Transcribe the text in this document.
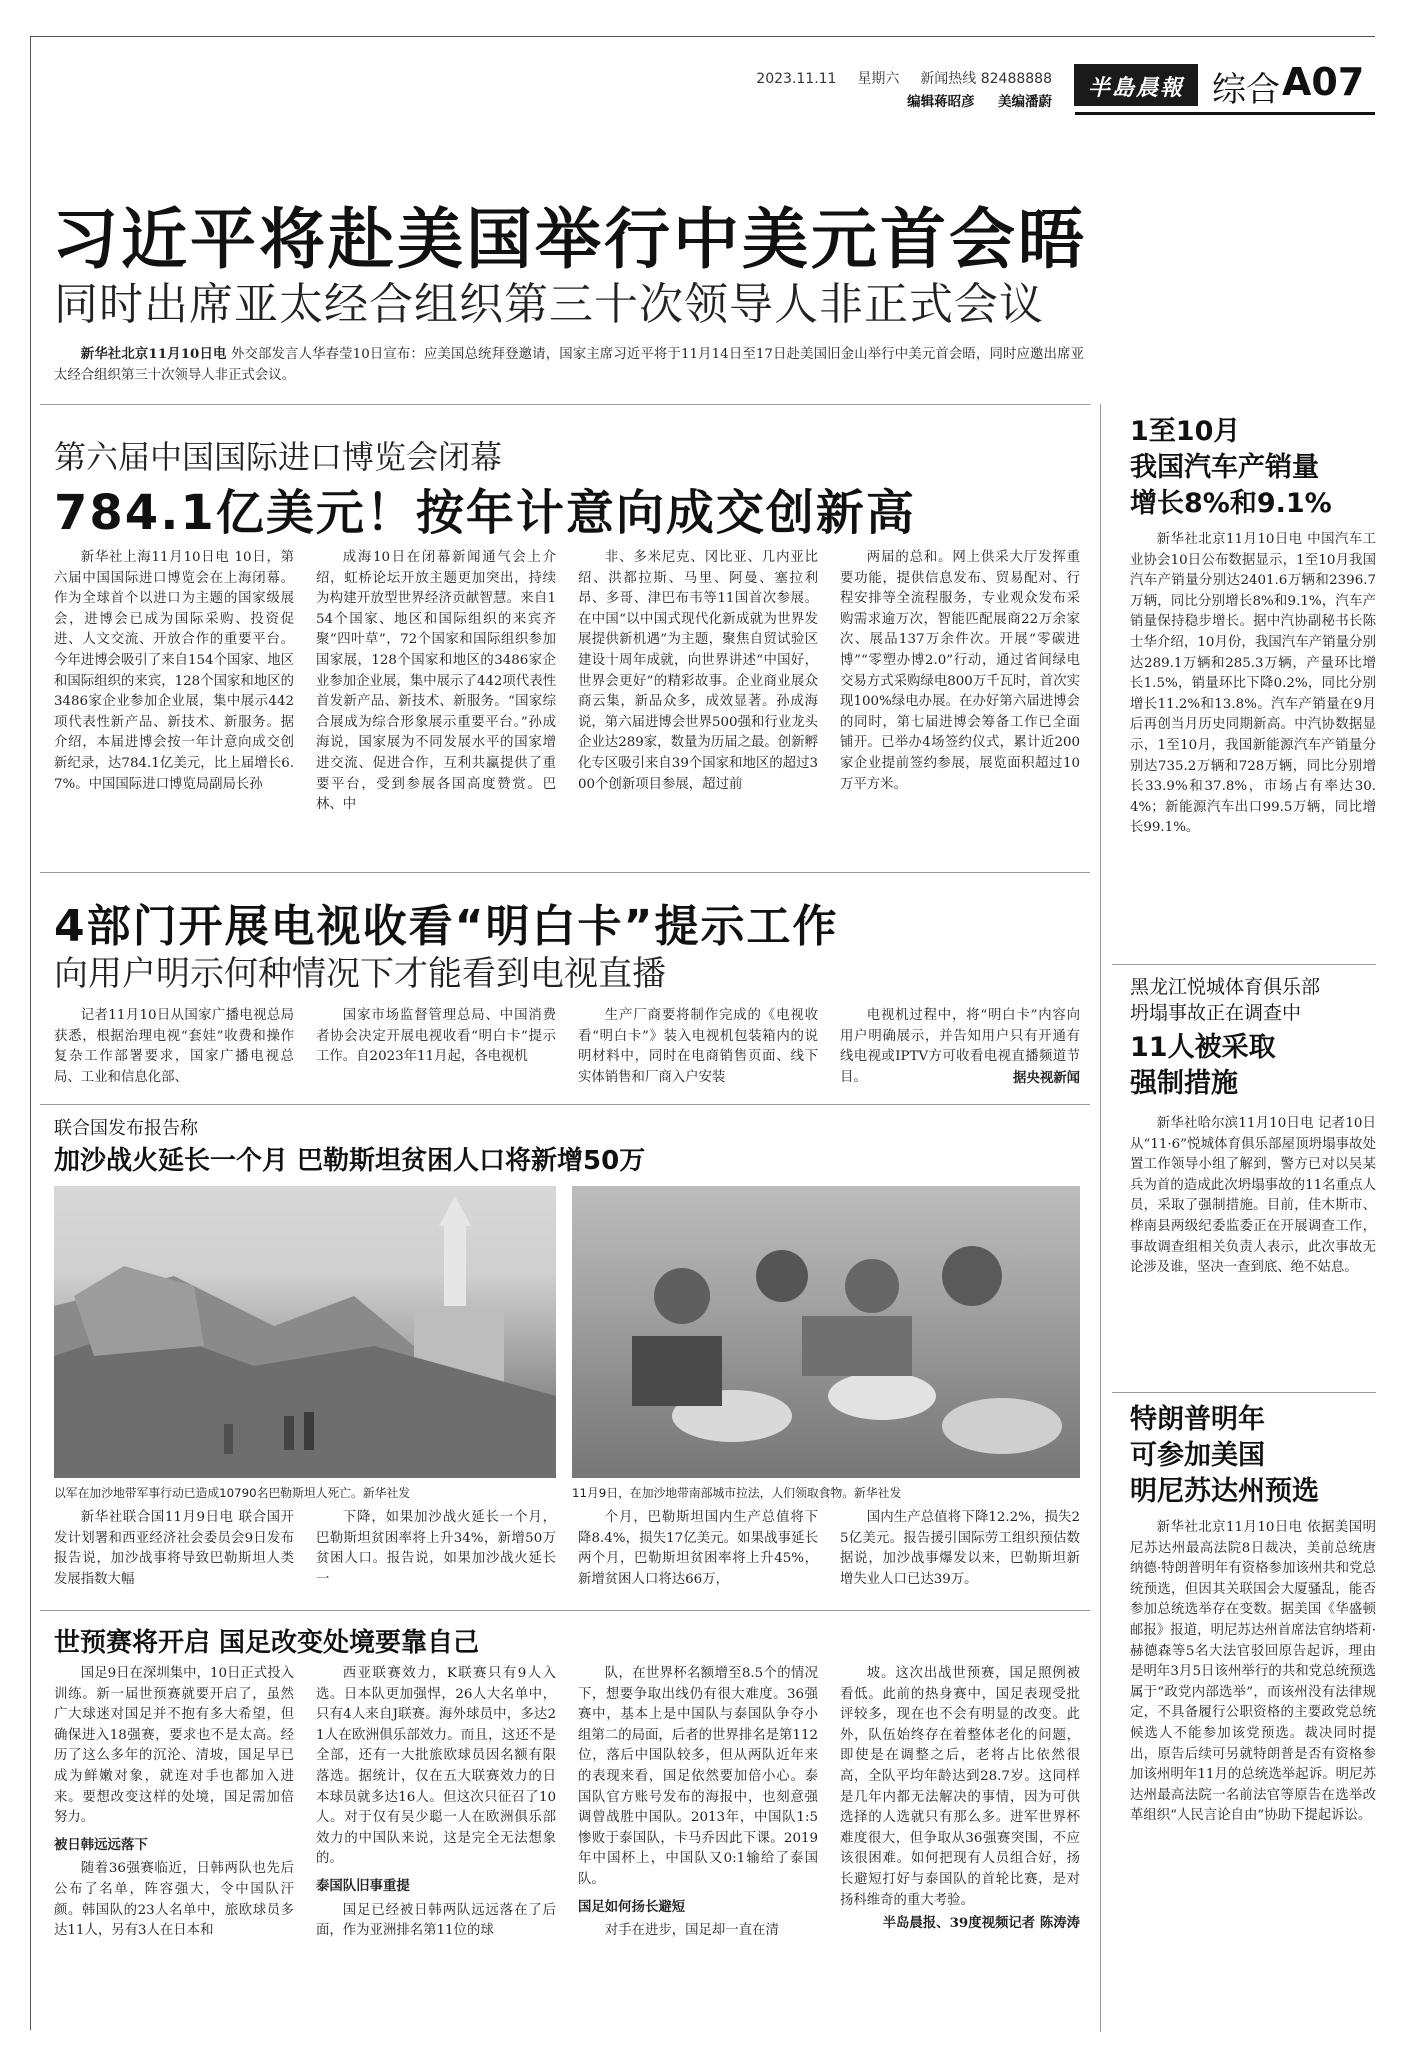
2023.11.11 星期六 新闻热线 82488888
编辑蒋昭彦 美编潘蔚
半島晨報 综合 A07
习近平将赴美国举行中美元首会晤
同时出席亚太经合组织第三十次领导人非正式会议

新华社北京11月10日电 外交部发言人华春莹10日宣布：应美国总统拜登邀请，国家主席习近平将于11月14日至17日赴美国旧金山举行中美元首会晤，同时应邀出席亚太经合组织第三十次领导人非正式会议。

第六届中国国际进口博览会闭幕
784.1亿美元！按年计意向成交创新高

新华社上海11月10日电 10日，第六届中国国际进口博览会在上海闭幕。作为全球首个以进口为主题的国家级展会，进博会已成为国际采购、投资促进、人文交流、开放合作的重要平台。今年进博会吸引了来自154个国家、地区和国际组织的来宾，128个国家和地区的3486家企业参加企业展，集中展示442项代表性新产品、新技术、新服务。据介绍，本届进博会按一年计意向成交创新纪录，达784.1亿美元，比上届增长6.7%。中国国际进口博览局副局长孙

成海10日在闭幕新闻通气会上介绍，虹桥论坛开放主题更加突出，持续为构建开放型世界经济贡献智慧。来自154个国家、地区和国际组织的来宾齐聚“四叶草”，72个国家和国际组织参加国家展，128个国家和地区的3486家企业参加企业展，集中展示了442项代表性首发新产品、新技术、新服务。“国家综合展成为综合形象展示重要平台。”孙成海说，国家展为不同发展水平的国家增进交流、促进合作，互利共赢提供了重要平台，受到参展各国高度赞赏。巴林、中

非、多米尼克、冈比亚、几内亚比绍、洪都拉斯、马里、阿曼、塞拉利昂、多哥、津巴布韦等11国首次参展。在中国“以中国式现代化新成就为世界发展提供新机遇”为主题，聚焦自贸试验区建设十周年成就，向世界讲述“中国好，世界会更好”的精彩故事。企业商业展众商云集，新品众多，成效显著。孙成海说，第六届进博会世界500强和行业龙头企业达289家，数量为历届之最。创新孵化专区吸引来自39个国家和地区的超过300个创新项目参展，超过前

两届的总和。网上供采大厅发挥重要功能，提供信息发布、贸易配对、行程安排等全流程服务，专业观众发布采购需求逾万次，智能匹配展商22万余家次、展品137万余件次。开展“零碳进博”“零塑办博2.0”行动，通过省间绿电交易方式采购绿电800万千瓦时，首次实现100%绿电办展。在办好第六届进博会的同时，第七届进博会筹备工作已全面铺开。已举办4场签约仪式，累计近200家企业提前签约参展，展览面积超过10万平方米。

4部门开展电视收看“明白卡”提示工作
向用户明示何种情况下才能看到电视直播

记者11月10日从国家广播电视总局获悉，根据治理电视“套娃”收费和操作复杂工作部署要求，国家广播电视总局、工业和信息化部、

国家市场监督管理总局、中国消费者协会决定开展电视收看“明白卡”提示工作。自2023年11月起，各电视机

生产厂商要将制作完成的《电视收看“明白卡”》装入电视机包装箱内的说明材料中，同时在电商销售页面、线下实体销售和厂商入户安装

电视机过程中，将“明白卡”内容向用户明确展示，并告知用户只有开通有线电视或IPTV方可收看电视直播频道节目。	据央视新闻

联合国发布报告称
加沙战火延长一个月 巴勒斯坦贫困人口将新增50万
以军在加沙地带军事行动已造成10790名巴勒斯坦人死亡。新华社发	11月9日，在加沙地带南部城市拉法，人们领取食物。新华社发

新华社联合国11月9日电 联合国开发计划署和西亚经济社会委员会9日发布报告说，加沙战事将导致巴勒斯坦人类发展指数大幅

下降，如果加沙战火延长一个月，巴勒斯坦贫困率将上升34%，新增50万贫困人口。报告说，如果加沙战火延长一

个月，巴勒斯坦国内生产总值将下降8.4%，损失17亿美元。如果战事延长两个月，巴勒斯坦贫困率将上升45%，新增贫困人口将达66万，

国内生产总值将下降12.2%，损失25亿美元。报告援引国际劳工组织预估数据说，加沙战事爆发以来，巴勒斯坦新增失业人口已达39万。

世预赛将开启 国足改变处境要靠自己

国足9日在深圳集中，10日正式投入训练。新一届世预赛就要开启了，虽然广大球迷对国足并不抱有多大希望，但确保进入18强赛，要求也不是太高。经历了这么多年的沉沦、清坡，国足早已成为鲜嫩对象，就连对手也都加入进来。要想改变这样的处境，国足需加倍努力。

被日韩远远落下

随着36强赛临近，日韩两队也先后公布了名单，阵容强大，令中国队汗颜。韩国队的23人名单中，旅欧球员多达11人，另有3人在日本和

西亚联赛效力，K联赛只有9人入选。日本队更加强悍，26人大名单中，只有4人来自J联赛。海外球员中，多达21人在欧洲俱乐部效力。而且，这还不是全部，还有一大批旅欧球员因名额有限落选。据统计，仅在五大联赛效力的日本球员就多达16人。但这次只征召了10人。对于仅有吴少聪一人在欧洲俱乐部效力的中国队来说，这是完全无法想象的。

泰国队旧事重提

国足已经被日韩两队远远落在了后面，作为亚洲排名第11位的球

队，在世界杯名额增至8.5个的情况下，想要争取出线仍有很大难度。36强赛中，基本上是中国队与泰国队争夺小组第二的局面，后者的世界排名是第112位，落后中国队较多，但从两队近年来的表现来看，国足依然要加倍小心。泰国队官方账号发布的海报中，也刻意强调曾战胜中国队。2013年，中国队1:5惨败于泰国队，卡马乔因此下课。2019年中国杯上，中国队又0:1输给了泰国队。

国足如何扬长避短

对手在进步，国足却一直在清

坡。这次出战世预赛，国足照例被看低。此前的热身赛中，国足表现受批评较多，现在也不会有明显的改变。此外，队伍始终存在着整体老化的问题，即使是在调整之后，老将占比依然很高，全队平均年龄达到28.7岁。这同样是几年内都无法解决的事情，因为可供选择的人选就只有那么多。进军世界杯难度很大，但争取从36强赛突围，不应该很困难。如何把现有人员组合好，扬长避短打好与泰国队的首轮比赛，是对扬科维奇的重大考验。

半岛晨报、39度视频记者 陈涛涛
1至10月
我国汽车产销量
增长8%和9.1%

新华社北京11月10日电 中国汽车工业协会10日公布数据显示，1至10月我国汽车产销量分别达2401.6万辆和2396.7万辆，同比分别增长8%和9.1%，汽车产销量保持稳步增长。据中汽协副秘书长陈士华介绍，10月份，我国汽车产销量分别达289.1万辆和285.3万辆，产量环比增长1.5%，销量环比下降0.2%，同比分别增长11.2%和13.8%。汽车产销量在9月后再创当月历史同期新高。中汽协数据显示，1至10月，我国新能源汽车产销量分别达735.2万辆和728万辆，同比分别增长33.9%和37.8%，市场占有率达30.4%；新能源汽车出口99.5万辆，同比增长99.1%。

黑龙江悦城体育俱乐部
坍塌事故正在调查中
11人被采取
强制措施

新华社哈尔滨11月10日电 记者10日从“11·6”悦城体育俱乐部屋顶坍塌事故处置工作领导小组了解到，警方已对以吴某兵为首的造成此次坍塌事故的11名重点人员，采取了强制措施。目前，佳木斯市、桦南县两级纪委监委正在开展调查工作，事故调查组相关负责人表示，此次事故无论涉及谁，坚决一查到底、绝不姑息。

特朗普明年
可参加美国
明尼苏达州预选

新华社北京11月10日电 依据美国明尼苏达州最高法院8日裁决，美前总统唐纳德·特朗普明年有资格参加该州共和党总统预选，但因其关联国会大厦骚乱，能否参加总统选举存在变数。据美国《华盛顿邮报》报道，明尼苏达州首席法官纳塔莉·赫德森等5名大法官驳回原告起诉，理由是明年3月5日该州举行的共和党总统预选属于“政党内部选举”，而该州没有法律规定，不具备履行公职资格的主要政党总统候选人不能参加该党预选。裁决同时提出，原告后续可另就特朗普是否有资格参加该州明年11月的总统选举起诉。明尼苏达州最高法院一名前法官等原告在选举改革组织“人民言论自由”协助下提起诉讼。
